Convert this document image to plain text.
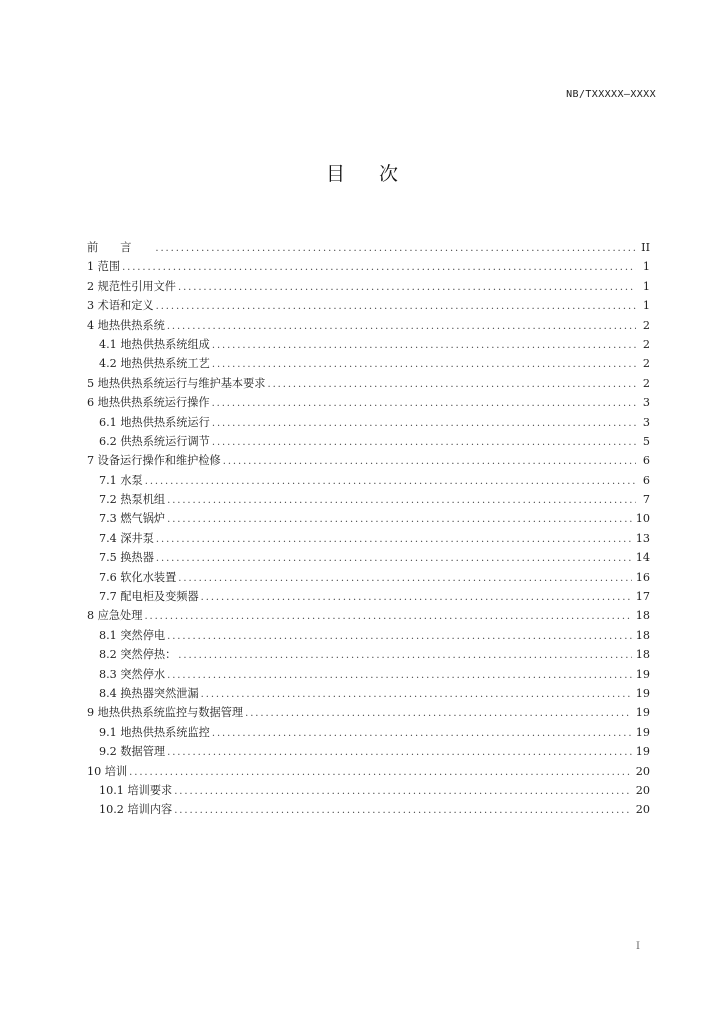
NB/TXXXXX—XXXX
目次
前言 .....	II
1 范围 .....	1
2 规范性引用文件 .....	1
3 术语和定义 .....	1
4 地热供热系统 .....	2
4.1 地热供热系统组成 .....	2
4.2 地热供热系统工艺 .....	2
5 地热供热系统运行与维护基本要求 .....	2
6 地热供热系统运行操作 .....	3
6.1 地热供热系统运行 .....	3
6.2 供热系统运行调节 .....	5
7 设备运行操作和维护检修 .....	6
7.1 水泵 .....	6
7.2 热泵机组 .....	7
7.3 燃气锅炉 .....	10
7.4 深井泵 .....	13
7.5 换热器 .....	14
7.6 软化水装置 .....	16
7.7 配电柜及变频器 .....	17
8 应急处理 .....	18
8.1 突然停电 .....	18
8.2 突然停热： .....	18
8.3 突然停水 .....	19
8.4 换热器突然泄漏 .....	19
9 地热供热系统监控与数据管理 .....	19
9.1 地热供热系统监控 .....	19
9.2 数据管理 .....	19
10 培训 .....	20
10.1 培训要求 .....	20
10.2 培训内容 .....	20
I
